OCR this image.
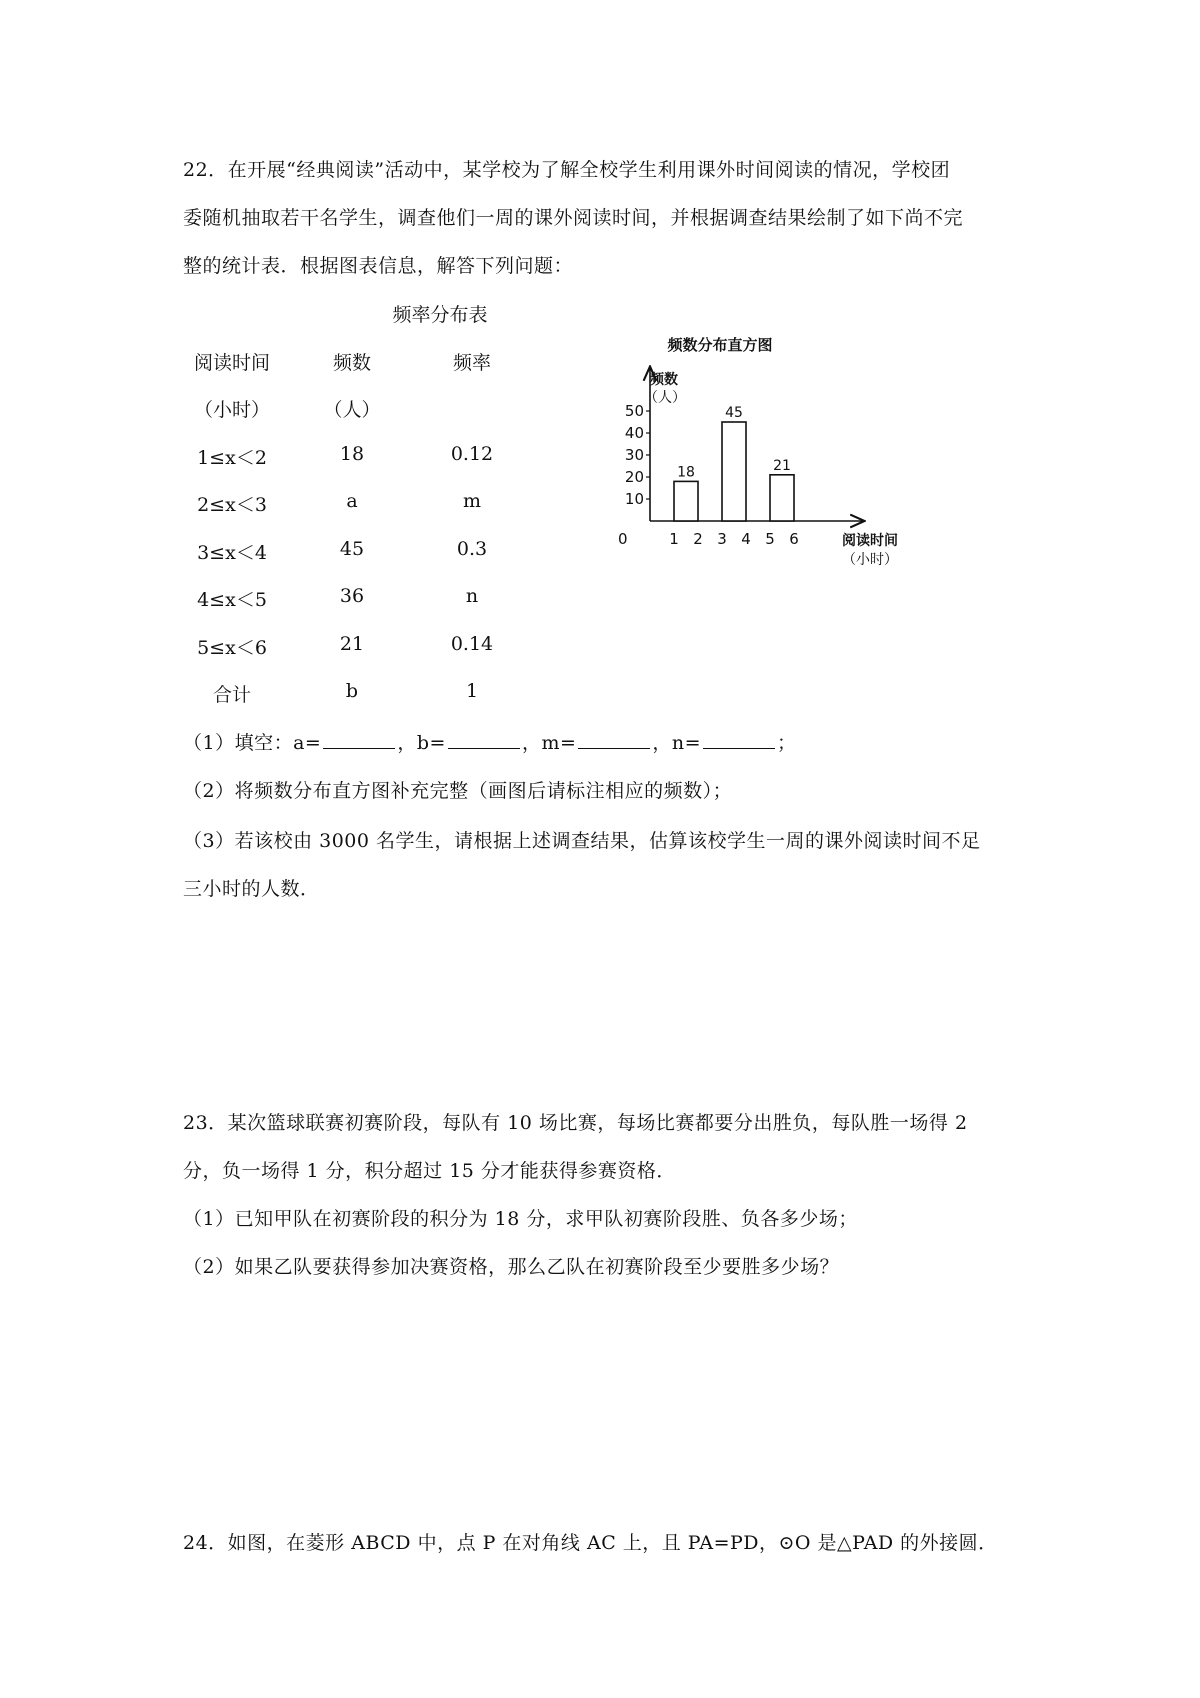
22．在开展“经典阅读”活动中，某学校为了解全校学生利用课外时间阅读的情况，学校团
委随机抽取若干名学生，调查他们一周的课外阅读时间，并根据调查结果绘制了如下尚不完
整的统计表．根据图表信息，解答下列问题：
频率分布表
阅读时间	频数	频率
（小时）	（人）
1≤x＜2	18	0.12
2≤x＜3	a	m
3≤x＜4	45	0.3
4≤x＜5	36	n
5≤x＜6	21	0.14
合计	b	1
频数分布直方图
频数
（人）
0	阅读时间
（小时）
10
20
30
40
50
1 2 3 4 5 6
18
45
21
（1）填空：a=	，b=	，m=	，n=	；
（2）将频数分布直方图补充完整（画图后请标注相应的频数）；
（3）若该校由 3000 名学生，请根据上述调查结果，估算该校学生一周的课外阅读时间不足
三小时的人数．
23．某次篮球联赛初赛阶段，每队有 10 场比赛，每场比赛都要分出胜负，每队胜一场得 2
分，负一场得 1 分，积分超过 15 分才能获得参赛资格．
（1）已知甲队在初赛阶段的积分为 18 分，求甲队初赛阶段胜、负各多少场；
（2）如果乙队要获得参加决赛资格，那么乙队在初赛阶段至少要胜多少场？
24．如图，在菱形 ABCD 中，点 P 在对角线 AC 上，且 PA=PD，⊙O 是△PAD 的外接圆．
